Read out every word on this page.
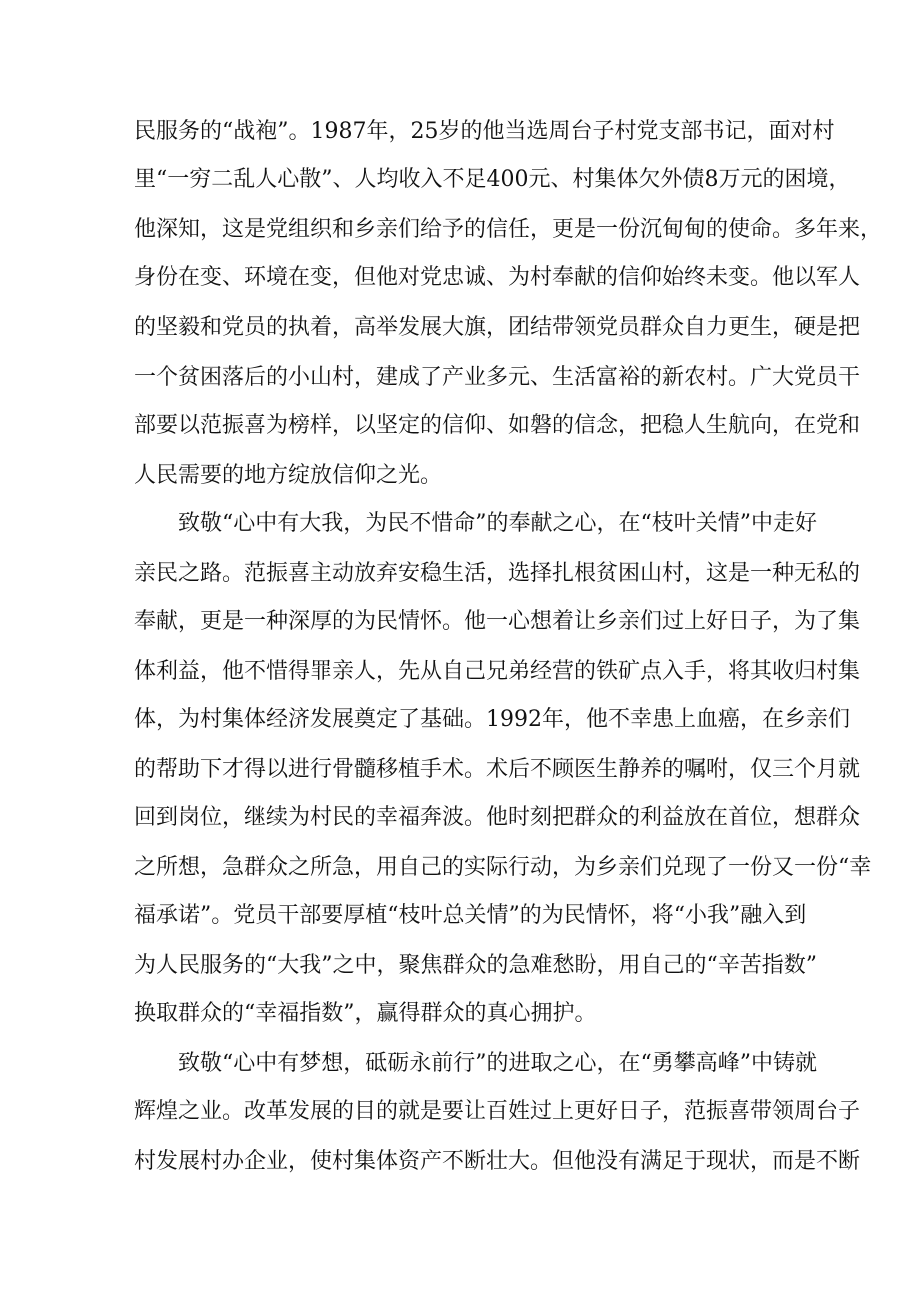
民服务的“战袍”。1987年，25岁的他当选周台子村党支部书记，面对村
里“一穷二乱人心散”、人均收入不足400元、村集体欠外债8万元的困境，
他深知，这是党组织和乡亲们给予的信任，更是一份沉甸甸的使命。多年来，
身份在变、环境在变，但他对党忠诚、为村奉献的信仰始终未变。他以军人
的坚毅和党员的执着，高举发展大旗，团结带领党员群众自力更生，硬是把
一个贫困落后的小山村，建成了产业多元、生活富裕的新农村。广大党员干
部要以范振喜为榜样，以坚定的信仰、如磐的信念，把稳人生航向，在党和
人民需要的地方绽放信仰之光。
致敬“心中有大我，为民不惜命”的奉献之心，在“枝叶关情”中走好
亲民之路。范振喜主动放弃安稳生活，选择扎根贫困山村，这是一种无私的
奉献，更是一种深厚的为民情怀。他一心想着让乡亲们过上好日子，为了集
体利益，他不惜得罪亲人，先从自己兄弟经营的铁矿点入手，将其收归村集
体，为村集体经济发展奠定了基础。1992年，他不幸患上血癌，在乡亲们
的帮助下才得以进行骨髓移植手术。术后不顾医生静养的嘱咐，仅三个月就
回到岗位，继续为村民的幸福奔波。他时刻把群众的利益放在首位，想群众
之所想，急群众之所急，用自己的实际行动，为乡亲们兑现了一份又一份“幸
福承诺”。党员干部要厚植“枝叶总关情”的为民情怀，将“小我”融入到
为人民服务的“大我”之中，聚焦群众的急难愁盼，用自己的“辛苦指数”
换取群众的“幸福指数”，赢得群众的真心拥护。
致敬“心中有梦想，砥砺永前行”的进取之心，在“勇攀高峰”中铸就
辉煌之业。改革发展的目的就是要让百姓过上更好日子，范振喜带领周台子
村发展村办企业，使村集体资产不断壮大。但他没有满足于现状，而是不断
